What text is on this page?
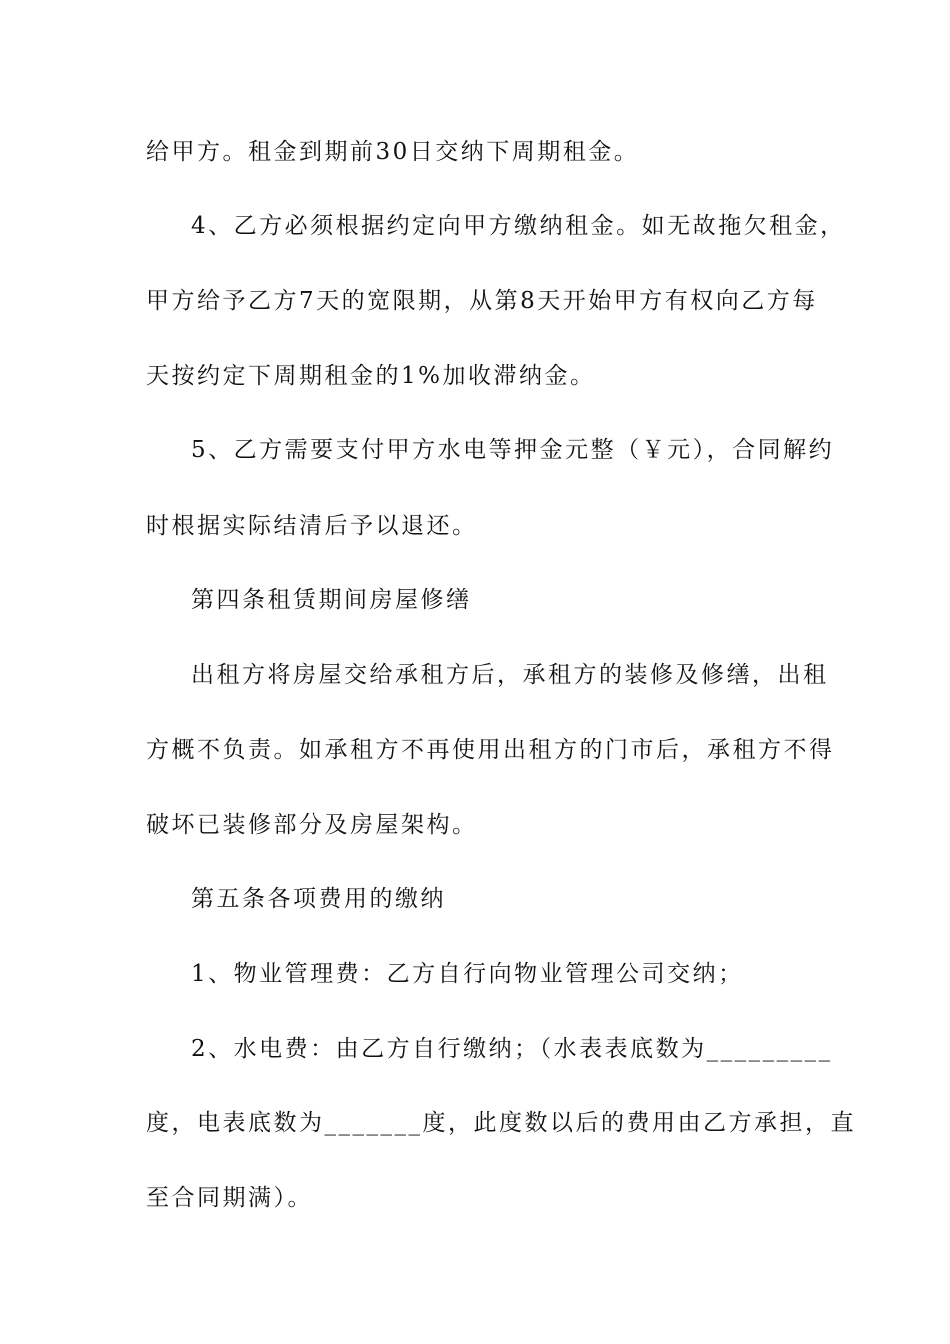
给甲方。租金到期前30日交纳下周期租金。
4、乙方必须根据约定向甲方缴纳租金。如无故拖欠租金，
甲方给予乙方7天的宽限期，从第8天开始甲方有权向乙方每
天按约定下周期租金的1%加收滞纳金。
5、乙方需要支付甲方水电等押金元整（￥元），合同解约
时根据实际结清后予以退还。
第四条租赁期间房屋修缮
出租方将房屋交给承租方后，承租方的装修及修缮，出租
方概不负责。如承租方不再使用出租方的门市后，承租方不得
破坏已装修部分及房屋架构。
第五条各项费用的缴纳
1、物业管理费：乙方自行向物业管理公司交纳；
2、水电费：由乙方自行缴纳；（水表表底数为_________
度，电表底数为_______度，此度数以后的费用由乙方承担，直
至合同期满）。
